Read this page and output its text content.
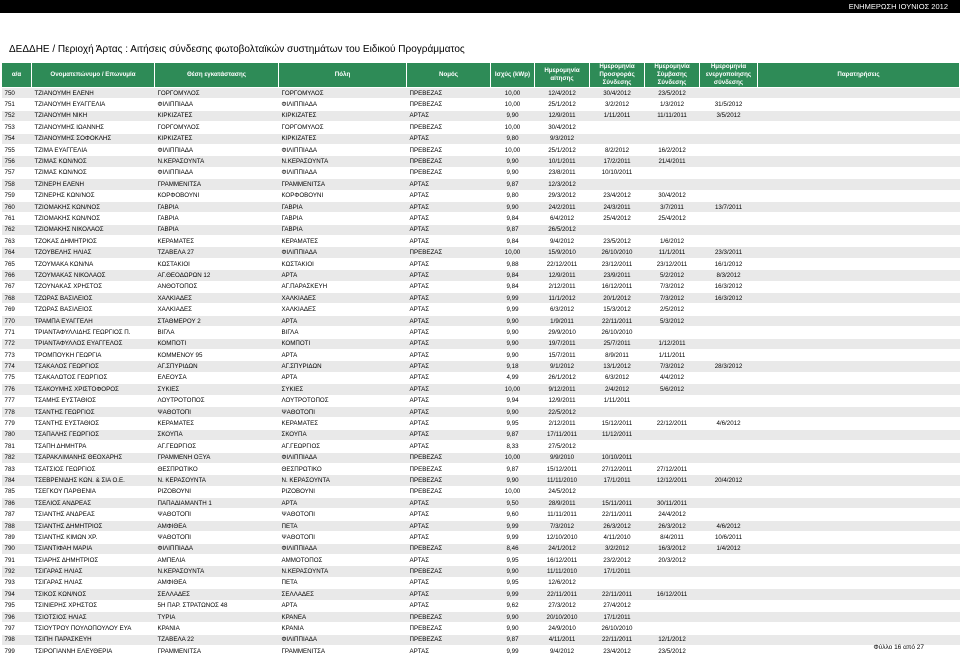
ΕΝΗΜΕΡΩΣΗ ΙΟΥΝΙΟΣ 2012
ΔΕΔΔΗΕ / Περιοχή Άρτας : Αιτήσεις σύνδεσης φωτοβολταϊκών συστημάτων του Ειδικού Προγράμματος
α/α	Ονοματεπώνυμο / Επωνυμία	Θέση εγκατάστασης	Πόλη	Νομός	Ισχύς (kWp)	Ημερομηνία αίτησης	Ημερομηνία Προσφοράς Σύνδεσης	Ημερομηνία Σύμβασης Σύνδεσης	Ημερομηνία ενεργοποίησης σύνδεσης	Παρατηρήσεις
750	ΤΖΙΑΝΟΥΜΗ ΕΛΕΝΗ	ΓΟΡΓΟΜΥΛΟΣ	ΓΟΡΓΟΜΥΛΟΣ	ΠΡΕΒΕΖΑΣ	10,00	12/4/2012	30/4/2012	23/5/2012		
751	ΤΖΙΑΝΟΥΜΗ ΕΥΑΓΓΕΛΙΑ	ΦΙΛΙΠΠΙΑΔΑ	ΦΙΛΙΠΠΙΑΔΑ	ΠΡΕΒΕΖΑΣ	10,00	25/1/2012	3/2/2012	1/3/2012	31/5/2012	
752	ΤΖΙΑΝΟΥΜΗ ΝΙΚΗ	ΚΙΡΚΙΖΑΤΕΣ	ΚΙΡΚΙΖΑΤΕΣ	ΑΡΤΑΣ	9,90	12/9/2011	1/11/2011	11/11/2011	3/5/2012	
753	ΤΖΙΑΝΟΥΜΗΣ ΙΩΑΝΝΗΣ	ΓΟΡΓΟΜΥΛΟΣ	ΓΟΡΓΟΜΥΛΟΣ	ΠΡΕΒΕΖΑΣ	10,00	30/4/2012				
754	ΤΖΙΑΝΟΥΜΗΣ ΣΟΦΟΚΛΗΣ	ΚΙΡΚΙΖΑΤΕΣ	ΚΙΡΚΙΖΑΤΕΣ	ΑΡΤΑΣ	9,80	9/3/2012				
755	ΤΖΙΜΑ ΕΥΑΓΓΕΛΙΑ	ΦΙΛΙΠΠΙΑΔΑ	ΦΙΛΙΠΠΙΑΔΑ	ΠΡΕΒΕΖΑΣ	10,00	25/1/2012	8/2/2012	16/2/2012		
756	ΤΖΙΜΑΣ ΚΩΝ/ΝΟΣ	Ν.ΚΕΡΑΣΟΥΝΤΑ	Ν.ΚΕΡΑΣΟΥΝΤΑ	ΠΡΕΒΕΖΑΣ	9,90	10/1/2011	17/2/2011	21/4/2011		
757	ΤΖΙΜΑΣ ΚΩΝ/ΝΟΣ	ΦΙΛΙΠΠΙΑΔΑ	ΦΙΛΙΠΠΙΑΔΑ	ΠΡΕΒΕΖΑΣ	9,90	23/8/2011	10/10/2011			
758	ΤΖΙΝΕΡΗ ΕΛΕΝΗ	ΓΡΑΜΜΕΝΙΤΣΑ	ΓΡΑΜΜΕΝΙΤΣΑ	ΑΡΤΑΣ	9,87	12/3/2012				
759	ΤΖΙΝΕΡΗΣ ΚΩΝ/ΝΟΣ	ΚΟΡΦΟΒΟΥΝΙ	ΚΟΡΦΟΒΟΥΝΙ	ΑΡΤΑΣ	9,80	29/3/2012	23/4/2012	30/4/2012		
760	ΤΖΙΟΜΑΚΗΣ ΚΩΝ/ΝΟΣ	ΓΑΒΡΙΑ	ΓΑΒΡΙΑ	ΑΡΤΑΣ	9,90	24/2/2011	24/3/2011	3/7/2011	13/7/2011	
761	ΤΖΙΟΜΑΚΗΣ ΚΩΝ/ΝΟΣ	ΓΑΒΡΙΑ	ΓΑΒΡΙΑ	ΑΡΤΑΣ	9,84	6/4/2012	25/4/2012	25/4/2012		
762	ΤΖΙΟΜΑΚΗΣ ΝΙΚΟΛΑΟΣ	ΓΑΒΡΙΑ	ΓΑΒΡΙΑ	ΑΡΤΑΣ	9,87	26/5/2012				
763	ΤΖΟΚΑΣ ΔΗΜΗΤΡΙΟΣ	ΚΕΡΑΜΑΤΕΣ	ΚΕΡΑΜΑΤΕΣ	ΑΡΤΑΣ	9,84	9/4/2012	23/5/2012	1/6/2012		
764	ΤΖΟΥΒΕΛΗΣ ΗΛΙΑΣ	ΤΖΑΒΕΛΑ 27	ΦΙΛΙΠΠΙΑΔΑ	ΠΡΕΒΕΖΑΣ	10,00	15/9/2010	26/10/2010	11/1/2011	23/3/2011	
765	ΤΖΟΥΜΑΚΑ ΚΩΝ/ΝΑ	ΚΩΣΤΑΚΙΟΙ	ΚΩΣΤΑΚΙΟΙ	ΑΡΤΑΣ	9,88	22/12/2011	23/12/2011	23/12/2011	16/1/2012	
766	ΤΖΟΥΜΑΚΑΣ ΝΙΚΟΛΑΟΣ	ΑΓ.ΘΕΟΔΩΡΩΝ 12	ΑΡΤΑ	ΑΡΤΑΣ	9,84	12/9/2011	23/9/2011	5/2/2012	8/3/2012	
767	ΤΖΟΥΝΑΚΑΣ ΧΡΗΣΤΟΣ	ΑΝΘΟΤΟΠΟΣ	ΑΓ.ΠΑΡΑΣΚΕΥΗ	ΑΡΤΑΣ	9,84	2/12/2011	16/12/2011	7/3/2012	16/3/2012	
768	ΤΖΩΡΑΣ ΒΑΣΙΛΕΙΟΣ	ΧΑΛΚΙΑΔΕΣ	ΧΑΛΚΙΑΔΕΣ	ΑΡΤΑΣ	9,99	11/1/2012	20/1/2012	7/3/2012	16/3/2012	
769	ΤΖΩΡΑΣ ΒΑΣΙΛΕΙΟΣ	ΧΑΛΚΙΑΔΕΣ	ΧΑΛΚΙΑΔΕΣ	ΑΡΤΑΣ	9,99	6/3/2012	15/3/2012	2/5/2012		
770	ΤΡΑΜΠΑ ΕΥΑΓΓΕΛΗ	ΣΤΑΘΜΕΡΟΥ 2	ΑΡΤΑ	ΑΡΤΑΣ	9,90	1/9/2011	22/11/2011	5/3/2012		
771	ΤΡΙΑΝΤΑΦΥΛΛΙΔΗΣ ΓΕΩΡΓΙΟΣ Π.	ΒΙΓΛΑ	ΒΙΓΛΑ	ΑΡΤΑΣ	9,90	29/9/2010	26/10/2010			
772	ΤΡΙΑΝΤΑΦΥΛΛΟΣ ΕΥΑΓΓΕΛΟΣ	ΚΟΜΠΟΤΙ	ΚΟΜΠΟΤΙ	ΑΡΤΑΣ	9,90	19/7/2011	25/7/2011	1/12/2011		
773	ΤΡΟΜΠΟΥΚΗ ΓΕΩΡΓΙΑ	ΚΟΜΜΕΝΟΥ 95	ΑΡΤΑ	ΑΡΤΑΣ	9,90	15/7/2011	8/9/2011	1/11/2011		
774	ΤΣΑΚΑΛΟΣ ΓΕΩΡΓΙΟΣ	ΑΓ.ΣΠΥΡΙΔΩΝ	ΑΓ.ΣΠΥΡΙΔΩΝ	ΑΡΤΑΣ	9,18	9/1/2012	13/1/2012	7/3/2012	28/3/2012	
775	ΤΣΑΚΑΛΩΤΟΣ ΓΕΩΡΓΙΟΣ	ΕΛΕΟΥΣΑ	ΑΡΤΑ	ΑΡΤΑΣ	4,99	26/1/2012	6/3/2012	4/4/2012		
776	ΤΣΑΚΟΥΜΗΣ ΧΡΙΣΤΟΦΟΡΟΣ	ΣΥΚΙΕΣ	ΣΥΚΙΕΣ	ΑΡΤΑΣ	10,00	9/12/2011	2/4/2012	5/6/2012		
777	ΤΣΑΜΗΣ ΕΥΣΤΑΘΙΟΣ	ΛΟΥΤΡΟΤΟΠΟΣ	ΛΟΥΤΡΟΤΟΠΟΣ	ΑΡΤΑΣ	9,94	12/9/2011	1/11/2011			
778	ΤΣΑΝΤΗΣ ΓΕΩΡΓΙΟΣ	ΨΑΘΟΤΟΠΙ	ΨΑΘΟΤΟΠΙ	ΑΡΤΑΣ	9,90	22/5/2012				
779	ΤΣΑΝΤΗΣ ΕΥΣΤΑΘΙΟΣ	ΚΕΡΑΜΑΤΕΣ	ΚΕΡΑΜΑΤΕΣ	ΑΡΤΑΣ	9,95	2/12/2011	15/12/2011	22/12/2011	4/6/2012	
780	ΤΣΑΠΑΛΗΣ ΓΕΩΡΓΙΟΣ	ΣΚΟΥΠΑ	ΣΚΟΥΠΑ	ΑΡΤΑΣ	9,87	17/11/2011	11/12/2011			
781	ΤΣΑΠΗ ΔΗΜΗΤΡΑ	ΑΓ.ΓΕΩΡΓΙΟΣ	ΑΓ.ΓΕΩΡΓΙΟΣ	ΑΡΤΑΣ	8,33	27/5/2012				
782	ΤΣΑΡΑΚΛΙΜΑΝΗΣ ΘΕΟΧΑΡΗΣ	ΓΡΑΜΜΕΝΗ ΟΞΥΑ	ΦΙΛΙΠΠΙΑΔΑ	ΠΡΕΒΕΖΑΣ	10,00	9/9/2010	10/10/2011			
783	ΤΣΑΤΣΙΟΣ ΓΕΩΡΓΙΟΣ	ΘΕΣΠΡΩΤΙΚΟ	ΘΕΣΠΡΩΤΙΚΟ	ΠΡΕΒΕΖΑΣ	9,87	15/12/2011	27/12/2011	27/12/2011		
784	ΤΣΕΒΡΕΝΙΔΗΣ ΚΩΝ. & ΣΙΑ Ο.Ε.	Ν. ΚΕΡΑΣΟΥΝΤΑ	Ν. ΚΕΡΑΣΟΥΝΤΑ	ΠΡΕΒΕΖΑΣ	9,90	11/11/2010	17/1/2011	12/12/2011	20/4/2012	
785	ΤΣΕΓΚΟΥ ΠΑΡΘΕΝΙΑ	ΡΙΖΟΒΟΥΝΙ	ΡΙΖΟΒΟΥΝΙ	ΠΡΕΒΕΖΑΣ	10,00	24/5/2012				
786	ΤΣΕΛΙΟΣ ΑΝΔΡΕΑΣ	ΠΑΠΑΔΙΑΜΑΝΤΗ 1	ΑΡΤΑ	ΑΡΤΑΣ	9,50	28/9/2011	15/11/2011	30/11/2011		
787	ΤΣΙΑΝΤΗΣ ΑΝΔΡΕΑΣ	ΨΑΘΟΤΟΠΙ	ΨΑΘΟΤΟΠΙ	ΑΡΤΑΣ	9,60	11/11/2011	22/11/2011	24/4/2012		
788	ΤΣΙΑΝΤΗΣ ΔΗΜΗΤΡΙΟΣ	ΑΜΦΙΘΕΑ	ΠΕΤΑ	ΑΡΤΑΣ	9,99	7/3/2012	26/3/2012	26/3/2012	4/6/2012	
789	ΤΣΙΑΝΤΗΣ ΚΙΜΩΝ ΧΡ.	ΨΑΘΟΤΟΠΙ	ΨΑΘΟΤΟΠΙ	ΑΡΤΑΣ	9,99	12/10/2010	4/11/2010	8/4/2011	10/6/2011	
790	ΤΣΙΑΝΤΙΦΑΗ ΜΑΡΙΑ	ΦΙΛΙΠΠΙΑΔΑ	ΦΙΛΙΠΠΙΑΔΑ	ΠΡΕΒΕΖΑΣ	8,46	24/1/2012	3/2/2012	16/3/2012	1/4/2012	
791	ΤΣΙΑΡΗΣ ΔΗΜΗΤΡΙΟΣ	ΑΜΠΕΛΙΑ	ΑΜΜΟΤΟΠΟΣ	ΑΡΤΑΣ	9,95	16/12/2011	23/2/2012	20/3/2012		
792	ΤΣΙΓΑΡΑΣ ΗΛΙΑΣ	Ν.ΚΕΡΑΣΟΥΝΤΑ	Ν.ΚΕΡΑΣΟΥΝΤΑ	ΠΡΕΒΕΖΑΣ	9,90	11/11/2010	17/1/2011			
793	ΤΣΙΓΑΡΑΣ ΗΛΙΑΣ	ΑΜΦΙΘΕΑ	ΠΕΤΑ	ΑΡΤΑΣ	9,95	12/6/2012				
794	ΤΣΙΚΟΣ ΚΩΝ/ΝΟΣ	ΣΕΛΛΑΔΕΣ	ΣΕΛΛΑΔΕΣ	ΑΡΤΑΣ	9,99	22/11/2011	22/11/2011	16/12/2011		
795	ΤΣΙΝΙΕΡΗΣ ΧΡΗΣΤΟΣ	5Η ΠΑΡ. ΣΤΡΑΤΩΝΟΣ 48	ΑΡΤΑ	ΑΡΤΑΣ	9,62	27/3/2012	27/4/2012			
796	ΤΣΙΟΤΣΙΟΣ ΗΛΙΑΣ	ΤΥΡΙΑ	ΚΡΑΝΕΑ	ΠΡΕΒΕΖΑΣ	9,90	20/10/2010	17/1/2011			
797	ΤΣΙΟΥΤΡΟΥ ΠΟΥΛΟΠΟΥΛΟΥ ΕΥΑ	ΚΡΑΝΙΑ	ΚΡΑΝΙΑ	ΠΡΕΒΕΖΑΣ	9,90	24/9/2010	26/10/2010			
798	ΤΣΙΠΗ ΠΑΡΑΣΚΕΥΗ	ΤΖΑΒΕΛΑ 22	ΦΙΛΙΠΠΙΑΔΑ	ΠΡΕΒΕΖΑΣ	9,87	4/11/2011	22/11/2011	12/1/2012		
799	ΤΣΙΡΟΓΙΑΝΝΗ ΕΛΕΥΘΕΡΙΑ	ΓΡΑΜΜΕΝΙΤΣΑ	ΓΡΑΜΜΕΝΙΤΣΑ	ΑΡΤΑΣ	9,99	9/4/2012	23/4/2012	23/5/2012		
Φύλλο 16 από 27
